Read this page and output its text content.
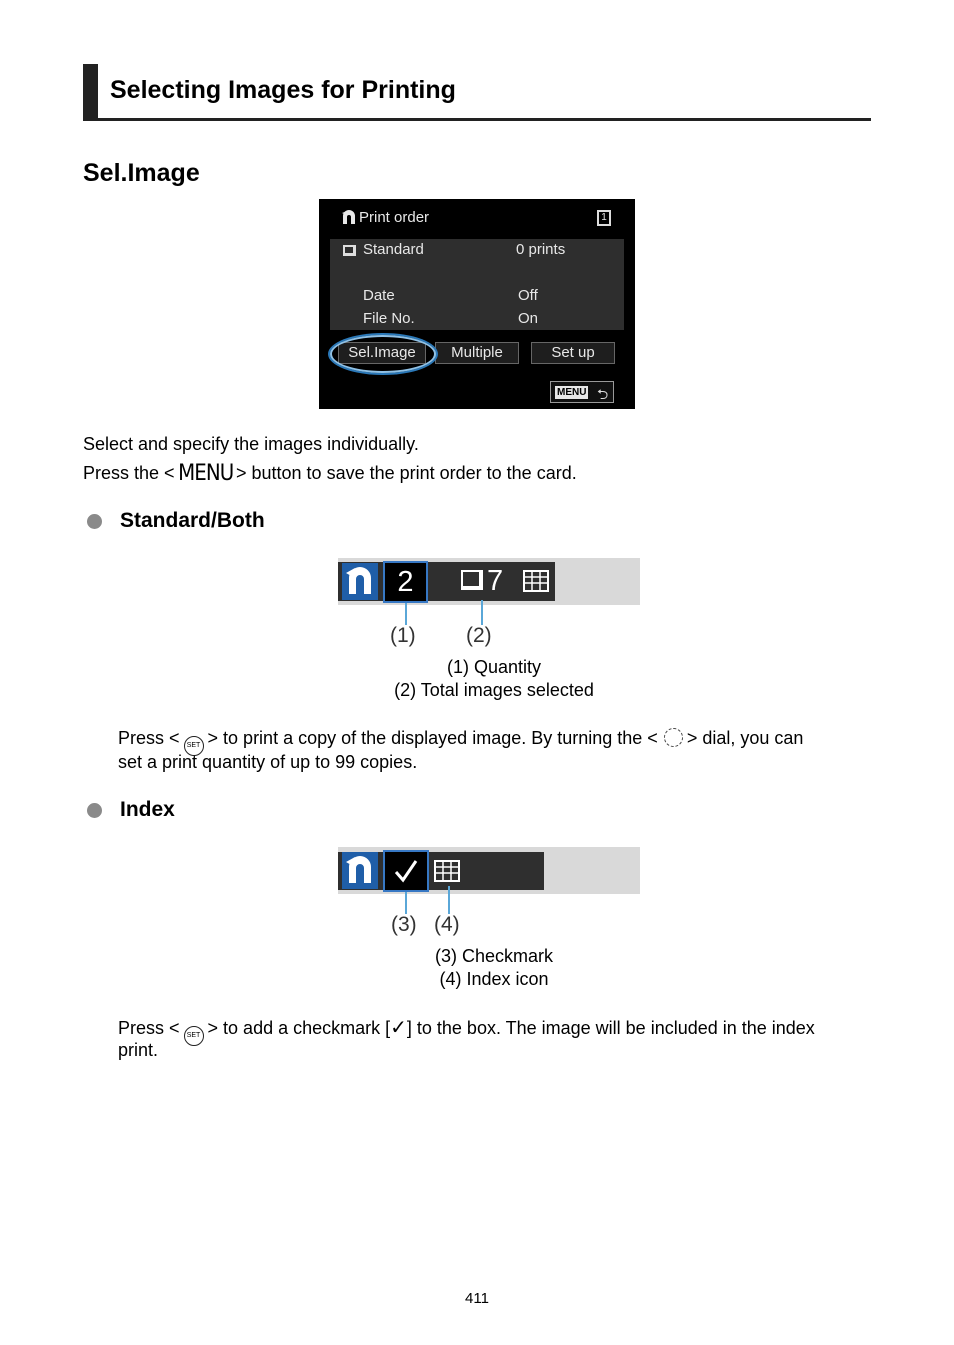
Selecting Images for Printing
Sel.Image
Print order	1
Standard	0 prints
Date	Off
File No.	On
Sel.Image	Multiple	Set up
MENU ⮌
Select and specify the images individually.
Press the < MENU > button to save the print order to the card.
Standard/Both
2	7
(1) (2)
(1) Quantity
(2) Total images selected
Press < SET > to print a copy of the displayed image. By turning the < > dial, you can
set a print quantity of up to 99 copies.
Index
(3) (4)
(3) Checkmark
(4) Index icon
Press < SET > to add a checkmark [✓] to the box. The image will be included in the index
print.
411
